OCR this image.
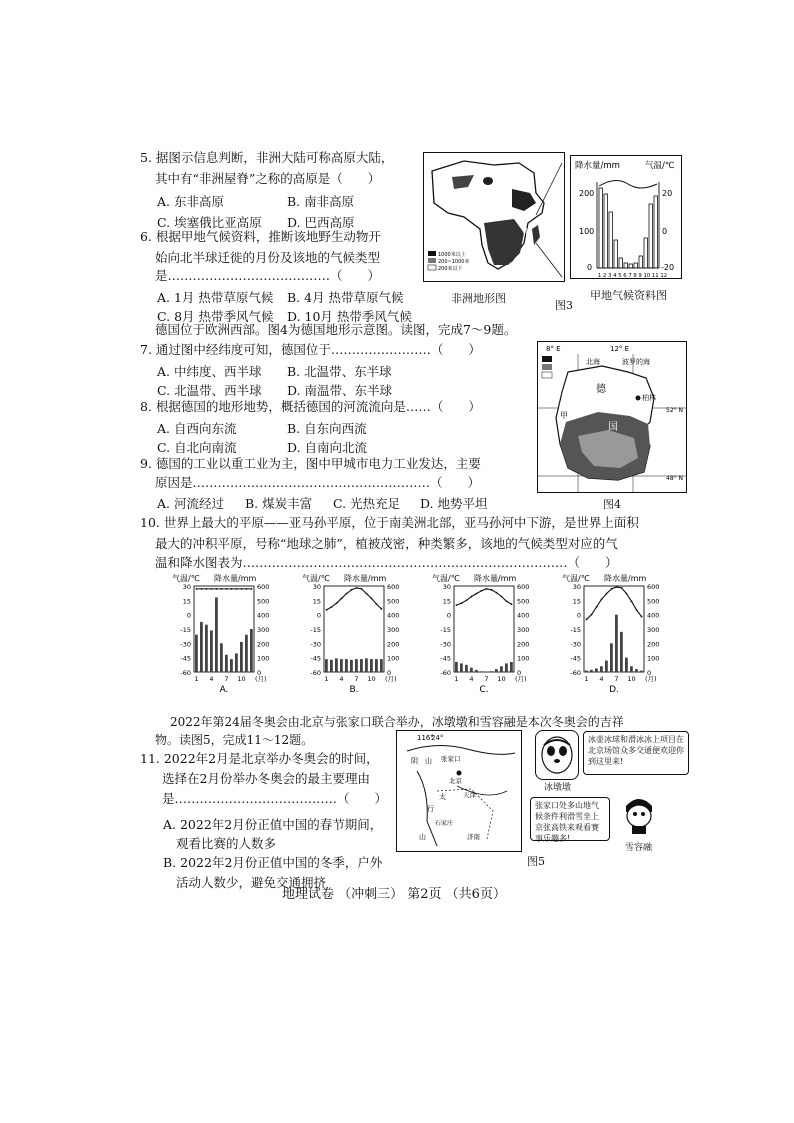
5. 据图示信息判断，非洲大陆可称高原大陆，
其中有“非洲屋脊”之称的高原是（　　）
A. 东非高原	B. 南非高原
C. 埃塞俄比亚高原 D. 巴西高原
6. 根据甲地气候资料，推断该地野生动物开
始向北半球迁徙的月份及该地的气候类型
是…………………………………（　　）
A. 1月 热带草原气候 B. 4月 热带草原气候
C. 8月 热带季风气候 D. 10月 热带季风气候
1000米以上
200~1000米
200米以下
甲
非洲地形图
降水量/mm	气温/℃
200
100
0
20
0
-20
1 2 3 4 5 6 7 8 9 10 11 12
图3
甲地气候资料图
德国位于欧洲西部。图4为德国地形示意图。读图，完成7～9题。
7. 通过图中经纬度可知，德国位于……………………（　　）
A. 中纬度、西半球 B. 北温带、东半球
C. 北温带、西半球 D. 南温带、东半球
8. 根据德国的地形地势，概括德国的河流流向是……（　　）
A. 自西向东流	B. 自东向西流
C. 自北向南流	D. 自南向北流
9. 德国的工业以重工业为主，图中甲城市电力工业发达，主要
原因是…………………………………………………（　　）
A. 河流经过 B. 煤炭丰富 C. 光热充足 D. 地势平坦
8° E	12° E
52° N
48° N
北海	波罗的海
德
国
柏林
甲
图4
10. 世界上最大的平原——亚马孙平原，位于南美洲北部，亚马孙河中下游，是世界上面积
最大的冲积平原，号称“地球之肺”，植被茂密，种类繁多，该地的气候类型对应的气
温和降水图表为……………………………………………………………………（　　）
气温/℃ 降水量/mm
30	600
15	500
0	400
-15	300
-30	200
-45	100
-60	0
1 4 7 10 (月)
A.
气温/℃ 降水量/mm
30	600
15	500
0	400
-15	300
-30	200
-45	100
-60	0
1 4 7 10 (月)
B.
气温/℃ 降水量/mm
30	600
15	500
0	400
-15	300
-30	200
-45	100
-60	0
1 4 7 10 (月)
C.
气温/℃ 降水量/mm
30	600
15	500
0	400
-15	300
-30	200
-45	100
-60	0
1 4 7 10 (月)
D.
2022年第24届冬奥会由北京与张家口联合举办，冰墩墩和雪容融是本次冬奥会的吉祥
物。读图5，完成11～12题。
11. 2022年2月是北京举办冬奥会的时间，
选择在2月份举办冬奥会的最主要理由
是…………………………………（　　）
A. 2022年2月份正值中国的春节期间，
观看比赛的人数多
B. 2022年2月份正值中国的冬季，户外
活动人数少，避免交通拥挤
116°
24°
阴 山 张家口
北京
太
行
天津
石家庄
济南
山
图5
冰墩墩
冰壶冰球和滑冰冰上项目在北京场馆众多交通便欢迎你到这里来!
张家口处多山地气候条件利滑雪坐上京张高铁来观看赛事乐趣多!
雪容融
地理试卷 （冲刺三） 第2页 （共6页）
